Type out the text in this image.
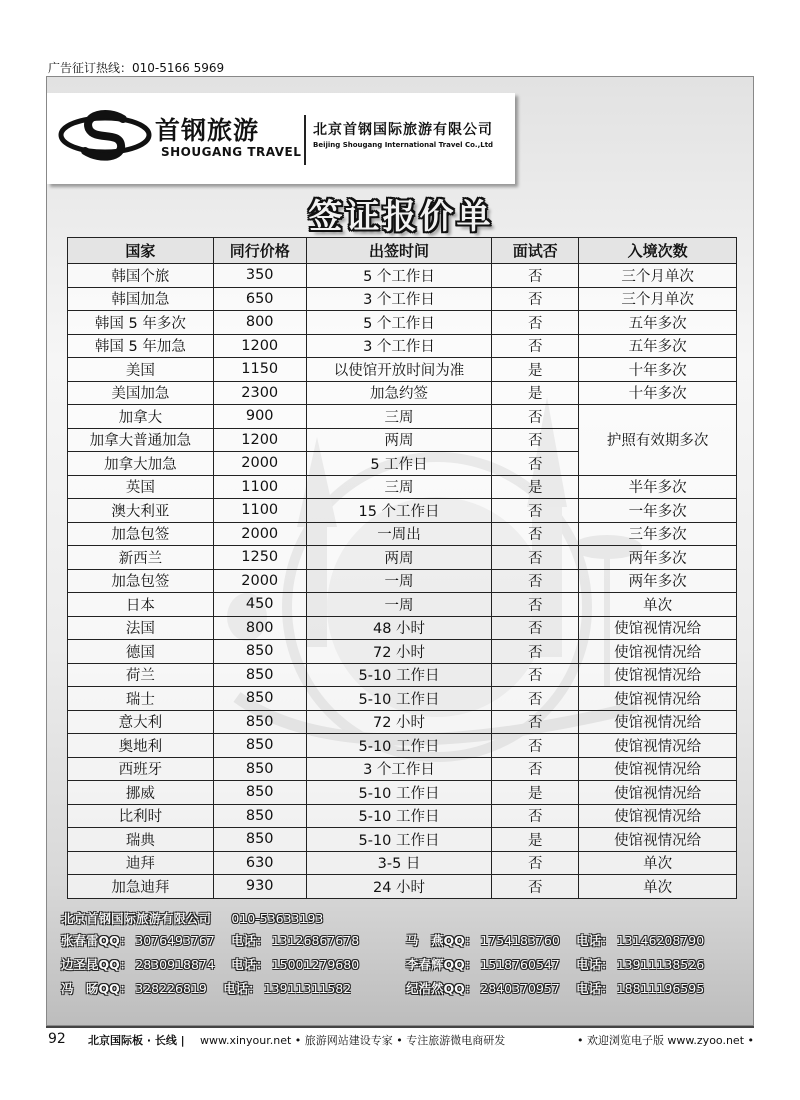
广告征订热线：010-5166 5969
首钢旅游
SHOUGANG TRAVEL
北京首钢国际旅游有限公司
Beijing Shougang International Travel Co.,Ltd
签证报价单
国家	同行价格	出签时间	面试否	入境次数
韩国个旅	350	5 个工作日	否	三个月单次
韩国加急	650	3 个工作日	否	三个月单次
韩国 5 年多次	800	5 个工作日	否	五年多次
韩国 5 年加急	1200	3 个工作日	否	五年多次
美国	1150	以使馆开放时间为准	是	十年多次
美国加急	2300	加急约签	是	十年多次
加拿大	900	三周	否	护照有效期多次
加拿大普通加急	1200	两周	否	
加拿大加急	2000	5 工作日	否	
英国	1100	三周	是	半年多次
澳大利亚	1100	15 个工作日	否	一年多次
加急包签	2000	一周出	否	三年多次
新西兰	1250	两周	否	两年多次
加急包签	2000	一周	否	两年多次
日本	450	一周	否	单次
法国	800	48 小时	否	使馆视情况给
德国	850	72 小时	否	使馆视情况给
荷兰	850	5-10 工作日	否	使馆视情况给
瑞士	850	5-10 工作日	否	使馆视情况给
意大利	850	72 小时	否	使馆视情况给
奥地利	850	5-10 工作日	否	使馆视情况给
西班牙	850	3 个工作日	否	使馆视情况给
挪威	850	5-10 工作日	是	使馆视情况给
比利时	850	5-10 工作日	否	使馆视情况给
瑞典	850	5-10 工作日	是	使馆视情况给
迪拜	630	3-5 日	否	单次
加急迪拜	930	24 小时	否	单次
北京首钢国际旅游有限公司 010-53633193
张春雷QQ： 3076493767 电话： 13126867678	马　燕QQ： 1754183760 电话： 13146208790
边圣昆QQ： 2830918874 电话： 15001279680	李春辉QQ： 1518760547 电话： 13911138526
冯　旸QQ： 328226819 电话： 13911311582	纪浩然QQ： 2840370957 电话： 18811196595
92 北京国际板 · 长线 | www.xinyour.net • 旅游网站建设专家 • 专注旅游微电商研发	• 欢迎浏览电子版 www.zyoo.net •
